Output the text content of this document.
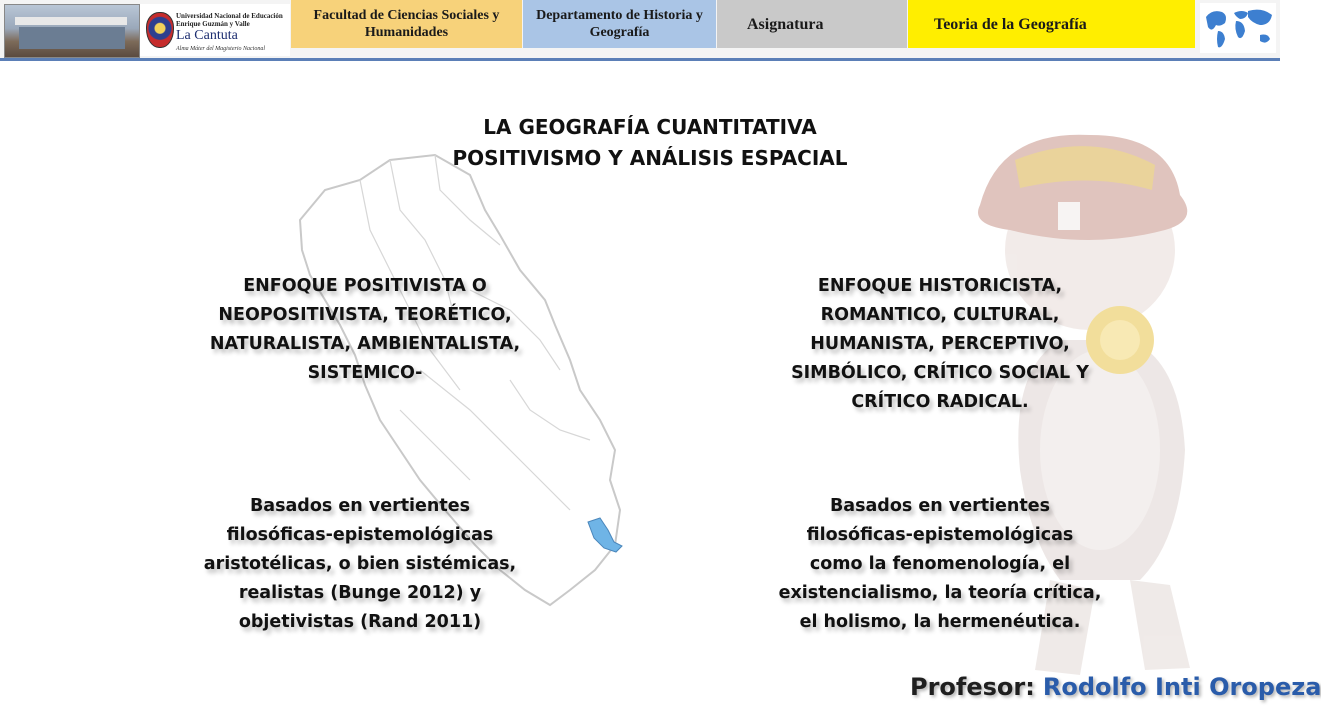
Universidad Nacional de Educación
Enrique Guzmán y Valle
La Cantuta
Alma Máter del Magisterio Nacional
Facultad de Ciencias Sociales y Humanidades
Departamento de Historia y Geografía	Asignatura	Teoria de la Geografía
LA GEOGRAFÍA CUANTITATIVA
POSITIVISMO Y ANÁLISIS ESPACIAL
ENFOQUE POSITIVISTA O
NEOPOSITIVISTA, TEORÉTICO,
NATURALISTA, AMBIENTALISTA,
SISTEMICO-
ENFOQUE HISTORICISTA,
ROMANTICO, CULTURAL,
HUMANISTA, PERCEPTIVO,
SIMBÓLICO, CRÍTICO SOCIAL Y
CRÍTICO RADICAL.
Basados en vertientes
filosóficas-epistemológicas
aristotélicas, o bien sistémicas,
realistas (Bunge 2012) y
objetivistas (Rand 2011)
Basados en vertientes
filosóficas-epistemológicas
como la fenomenología, el
existencialismo, la teoría crítica,
el holismo, la hermenéutica.
Profesor: Rodolfo Inti Oropeza
